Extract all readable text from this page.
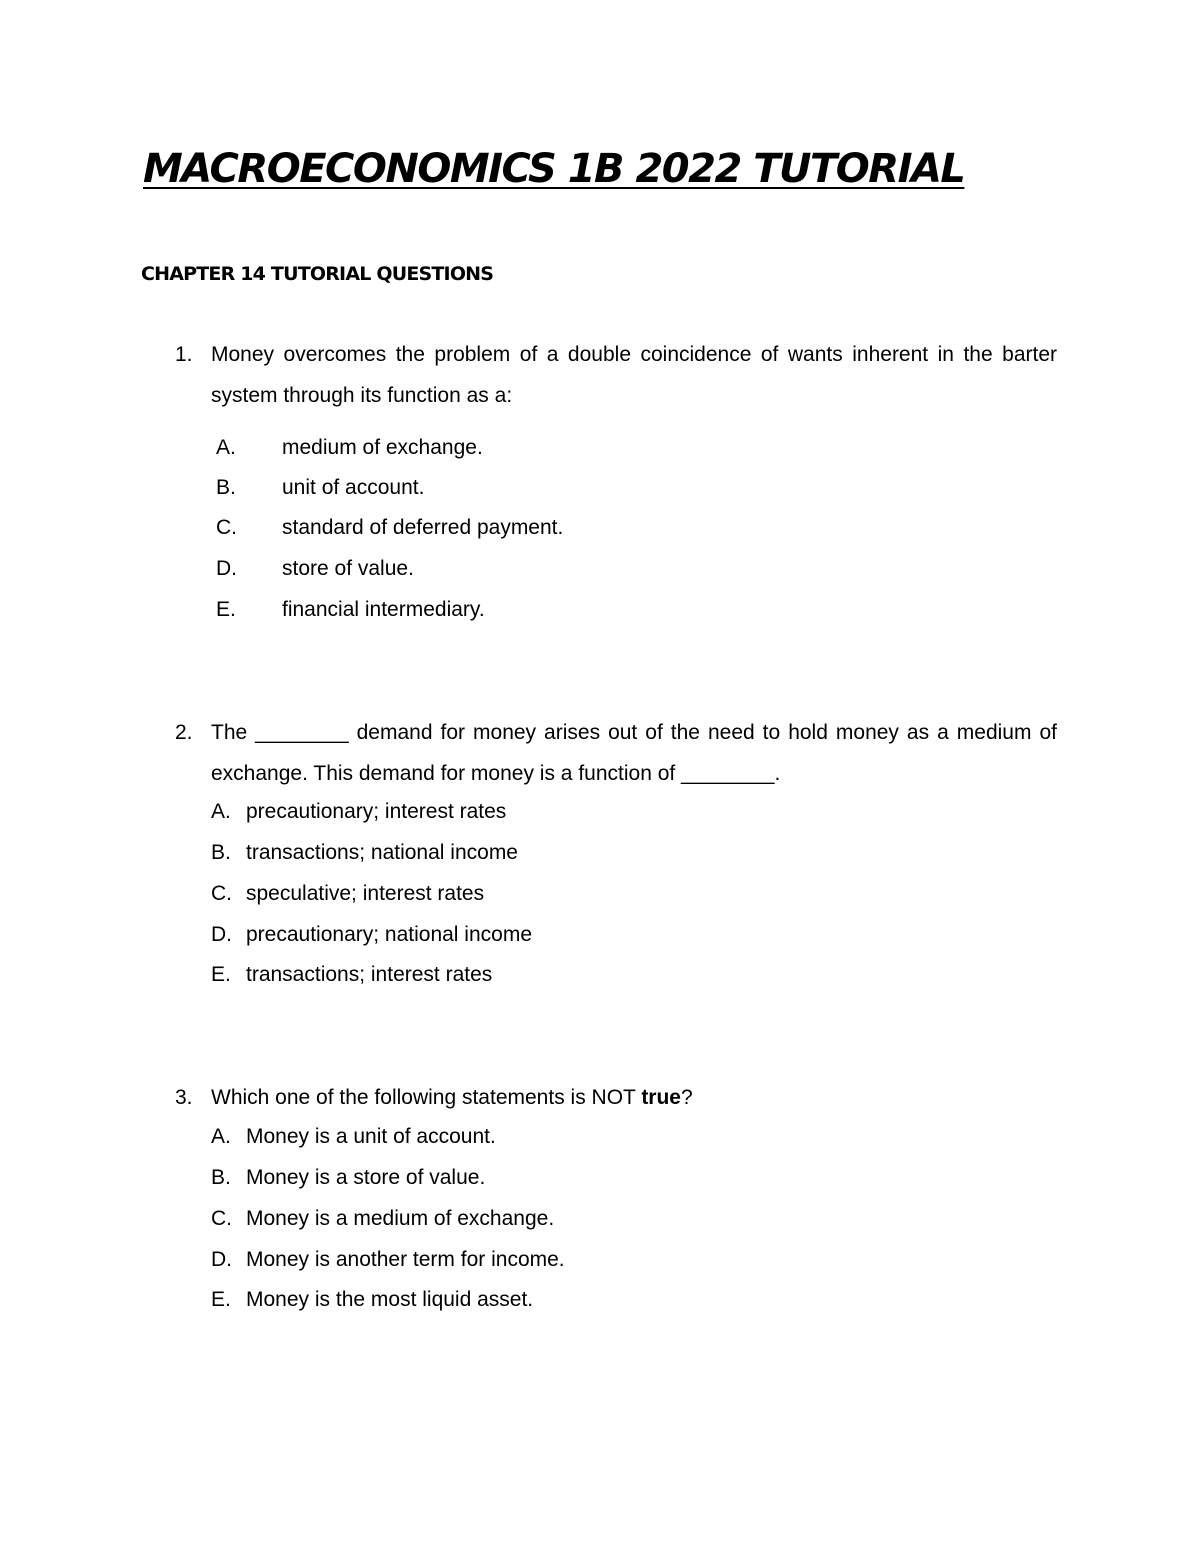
MACROECONOMICS 1B 2022 TUTORIAL
CHAPTER 14 TUTORIAL QUESTIONS
1. Money overcomes the problem of a double coincidence of wants inherent in the barter system through its function as a:
A. medium of exchange.
B. unit of account.
C. standard of deferred payment.
D. store of value.
E. financial intermediary.
2. The ________ demand for money arises out of the need to hold money as a medium of exchange. This demand for money is a function of ________.
A. precautionary; interest rates
B. transactions; national income
C. speculative; interest rates
D. precautionary; national income
E. transactions; interest rates
3. Which one of the following statements is NOT true?
A. Money is a unit of account.
B. Money is a store of value.
C. Money is a medium of exchange.
D. Money is another term for income.
E. Money is the most liquid asset.
